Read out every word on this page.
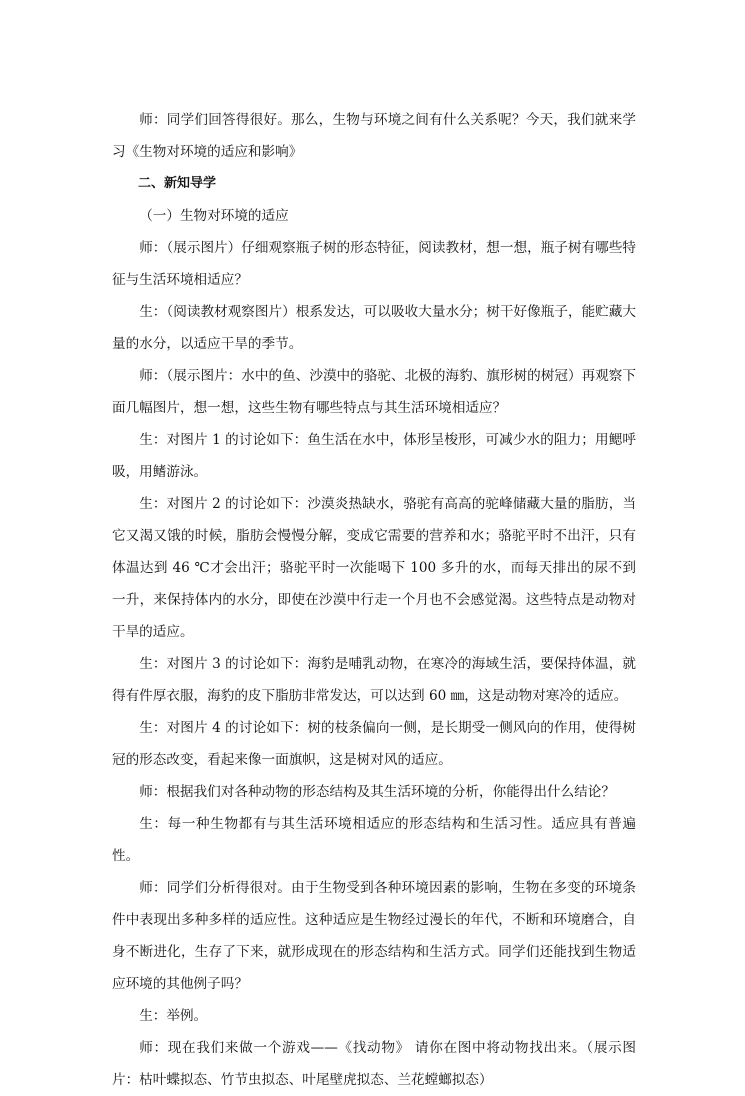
师：同学们回答得很好。那么，生物与环境之间有什么关系呢？今天，我们就来学习《生物对环境的适应和影响》

二、新知导学

（一）生物对环境的适应

师：（展示图片）仔细观察瓶子树的形态特征，阅读教材，想一想，瓶子树有哪些特征与生活环境相适应？

生：（阅读教材观察图片）根系发达，可以吸收大量水分；树干好像瓶子，能贮藏大量的水分，以适应干旱的季节。

师：（展示图片：水中的鱼、沙漠中的骆驼、北极的海豹、旗形树的树冠）再观察下面几幅图片，想一想，这些生物有哪些特点与其生活环境相适应？

生：对图片 1 的讨论如下：鱼生活在水中，体形呈梭形，可减少水的阻力；用鳃呼吸，用鳍游泳。

生：对图片 2 的讨论如下：沙漠炎热缺水，骆驼有高高的驼峰储藏大量的脂肪，当它又渴又饿的时候，脂肪会慢慢分解，变成它需要的营养和水；骆驼平时不出汗，只有体温达到 46 ℃才会出汗；骆驼平时一次能喝下 100 多升的水，而每天排出的尿不到一升，来保持体内的水分，即使在沙漠中行走一个月也不会感觉渴。这些特点是动物对干旱的适应。

生：对图片 3 的讨论如下：海豹是哺乳动物，在寒冷的海域生活，要保持体温，就得有件厚衣服，海豹的皮下脂肪非常发达，可以达到 60 ㎜，这是动物对寒冷的适应。

生：对图片 4 的讨论如下：树的枝条偏向一侧，是长期受一侧风向的作用，使得树冠的形态改变，看起来像一面旗帜，这是树对风的适应。

师：根据我们对各种动物的形态结构及其生活环境的分析，你能得出什么结论？

生：每一种生物都有与其生活环境相适应的形态结构和生活习性。适应具有普遍性。

师：同学们分析得很对。由于生物受到各种环境因素的影响，生物在多变的环境条件中表现出多种多样的适应性。这种适应是生物经过漫长的年代，不断和环境磨合，自身不断进化，生存了下来，就形成现在的形态结构和生活方式。同学们还能找到生物适应环境的其他例子吗？

生：举例。

师：现在我们来做一个游戏——《找动物》 请你在图中将动物找出来。（展示图片：枯叶蝶拟态、竹节虫拟态、叶尾壁虎拟态、兰花螳螂拟态）
